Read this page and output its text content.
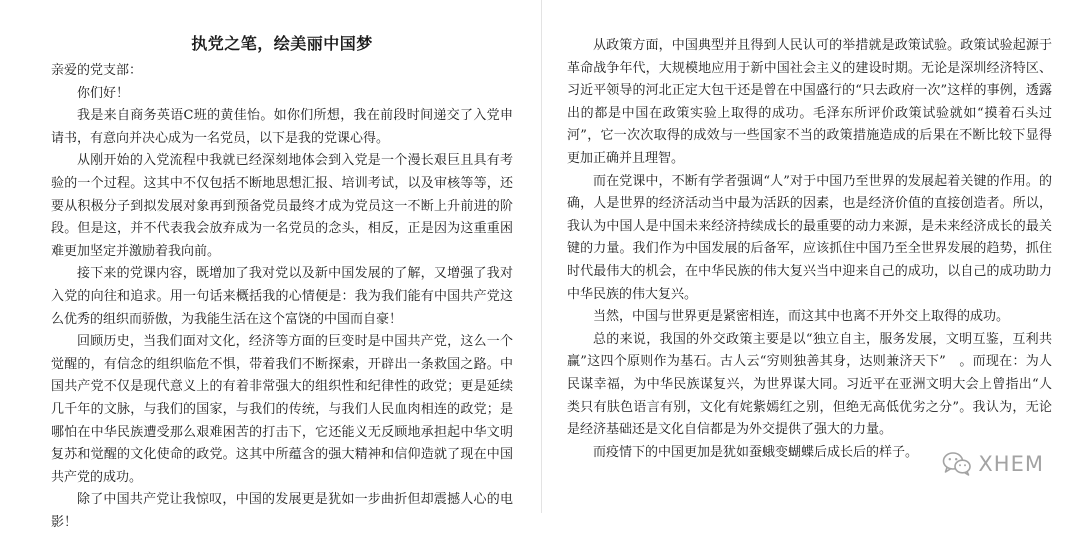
执党之笔，绘美丽中国梦

亲爱的党支部：

你们好！

我是来自商务英语C班的黄佳怡。如你们所想，我在前段时间递交了入党申请书，有意向并决心成为一名党员，以下是我的党课心得。

从刚开始的入党流程中我就已经深刻地体会到入党是一个漫长艰巨且具有考验的一个过程。这其中不仅包括不断地思想汇报、培训考试，以及审核等等，还要从积极分子到拟发展对象再到预备党员最终才成为党员这一不断上升前进的阶段。但是这，并不代表我会放弃成为一名党员的念头，相反，正是因为这重重困难更加坚定并激励着我向前。

接下来的党课内容，既增加了我对党以及新中国发展的了解，又增强了我对入党的向往和追求。用一句话来概括我的心情便是：我为我们能有中国共产党这么优秀的组织而骄傲，为我能生活在这个富饶的中国而自豪！

回顾历史，当我们面对文化，经济等方面的巨变时是中国共产党，这么一个觉醒的，有信念的组织临危不惧，带着我们不断探索，开辟出一条救国之路。中国共产党不仅是现代意义上的有着非常强大的组织性和纪律性的政党；更是延续几千年的文脉，与我们的国家，与我们的传统，与我们人民血肉相连的政党；是哪怕在中华民族遭受那么艰难困苦的打击下，它还能义无反顾地承担起中华文明复苏和觉醒的文化使命的政党。这其中所蕴含的强大精神和信仰造就了现在中国共产党的成功。

除了中国共产党让我惊叹，中国的发展更是犹如一步曲折但却震撼人心的电影！

从政策方面，中国典型并且得到人民认可的举措就是政策试验。政策试验起源于革命战争年代，大规模地应用于新中国社会主义的建设时期。无论是深圳经济特区、习近平领导的河北正定大包干还是曾在中国盛行的“只去政府一次”这样的事例，透露出的都是中国在政策实验上取得的成功。毛泽东所评价政策试验就如“摸着石头过河”，它一次次取得的成效与一些国家不当的政策措施造成的后果在不断比较下显得更加正确并且理智。

而在党课中，不断有学者强调“人”对于中国乃至世界的发展起着关键的作用。的确，人是世界的经济活动当中最为活跃的因素，也是经济价值的直接创造者。所以，我认为中国人是中国未来经济持续成长的最重要的动力来源，是未来经济成长的最关键的力量。我们作为中国发展的后备军，应该抓住中国乃至全世界发展的趋势，抓住时代最伟大的机会，在中华民族的伟大复兴当中迎来自己的成功，以自己的成功助力中华民族的伟大复兴。

当然，中国与世界更是紧密相连，而这其中也离不开外交上取得的成功。

总的来说，我国的外交政策主要是以“独立自主，服务发展，文明互鉴，互利共赢”这四个原则作为基石。古人云“穷则独善其身，达则兼济天下”　。而现在：为人民谋幸福，为中华民族谋复兴，为世界谋大同。习近平在亚洲文明大会上曾指出“人类只有肤色语言有别，文化有姹紫嫣红之别，但绝无高低优劣之分”。我认为，无论是经济基础还是文化自信都是为外交提供了强大的力量。

而疫情下的中国更加是犹如蚕蛾变蝴蝶后成长后的样子。	XHEM
